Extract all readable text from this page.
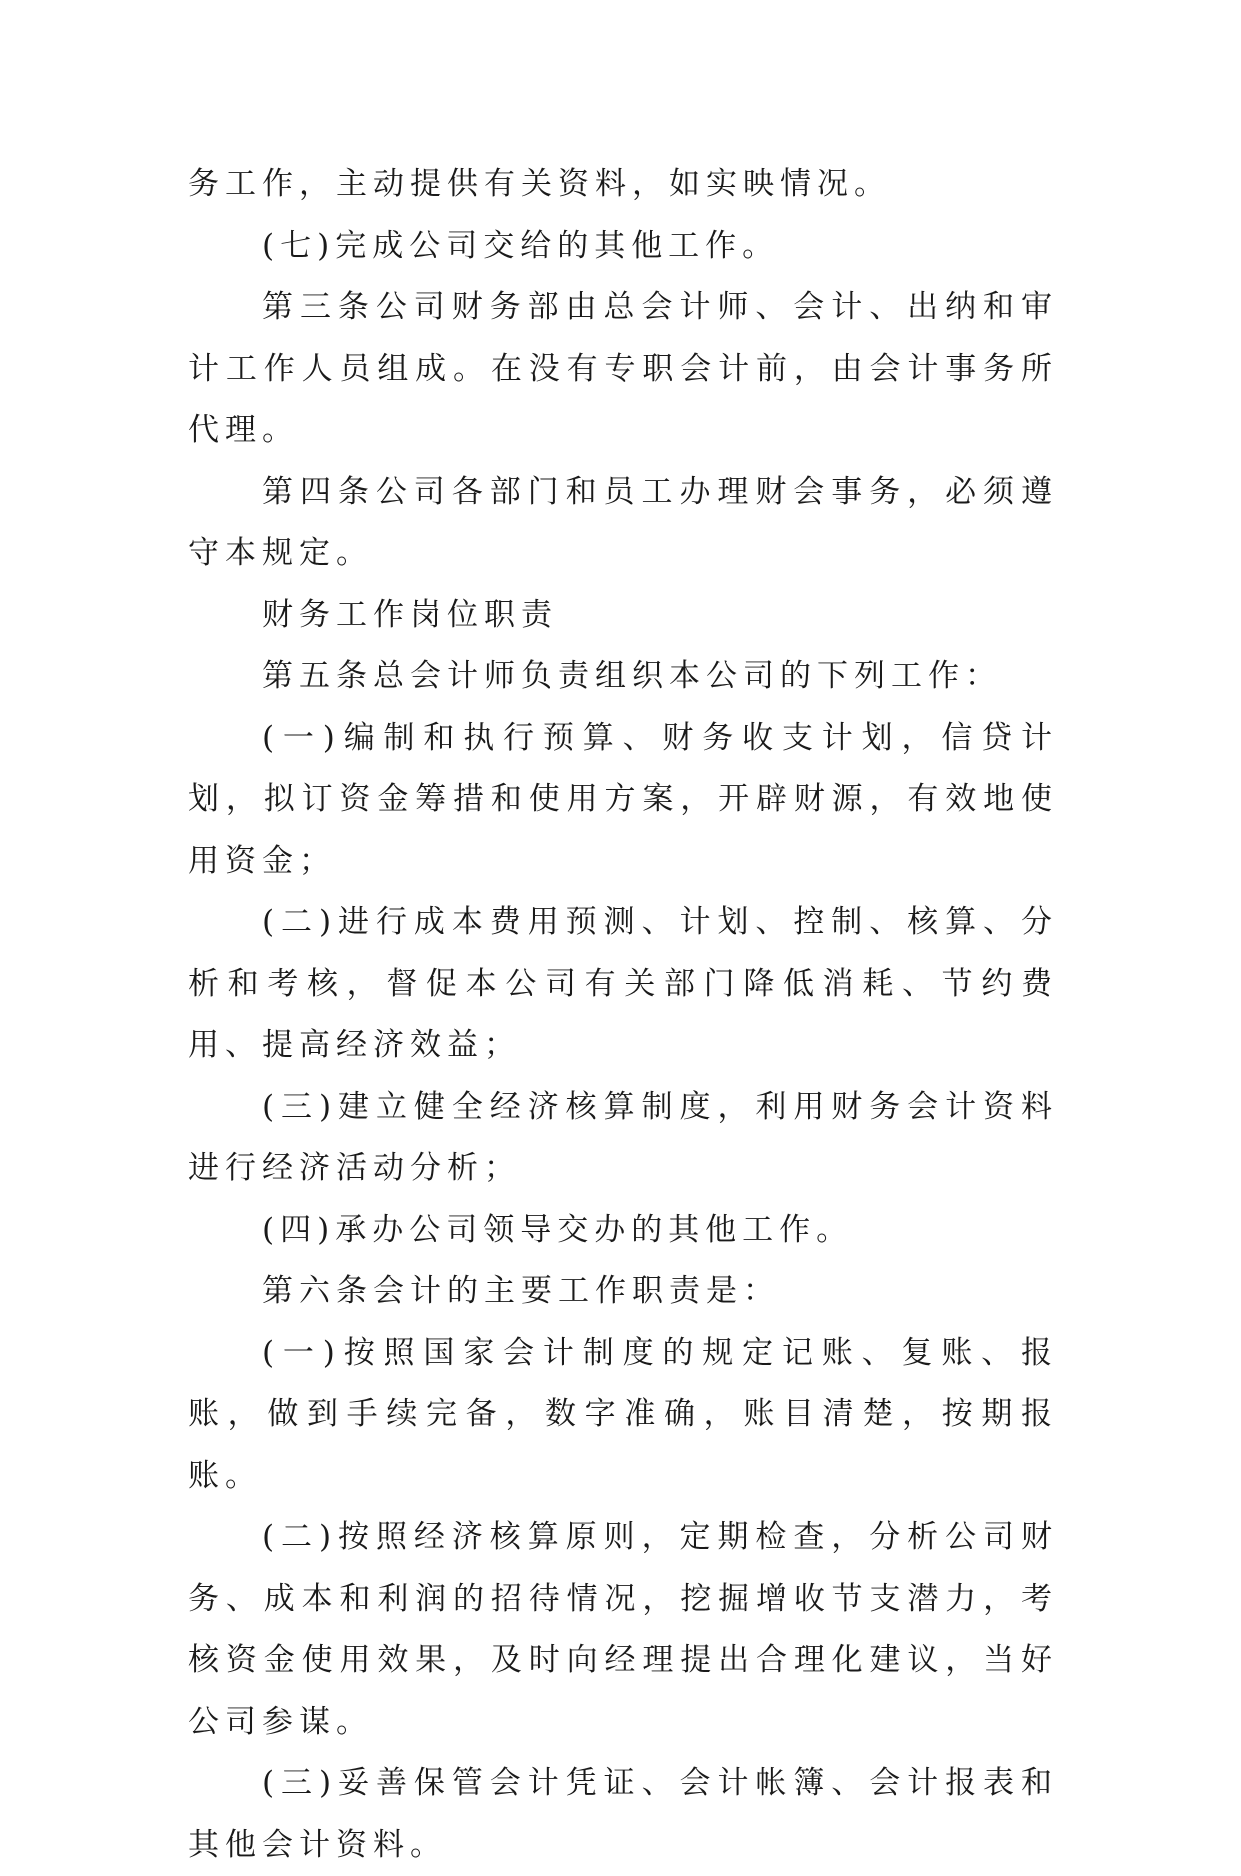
务工作，主动提供有关资料，如实映情况。

(七)完成公司交给的其他工作。

第三条公司财务部由总会计师、会计、出纳和审计工作人员组成。在没有专职会计前，由会计事务所代理。

第四条公司各部门和员工办理财会事务，必须遵守本规定。

财务工作岗位职责

第五条总会计师负责组织本公司的下列工作：

(一)编制和执行预算、财务收支计划，信贷计划，拟订资金筹措和使用方案，开辟财源，有效地使用资金；

(二)进行成本费用预测、计划、控制、核算、分析和考核，督促本公司有关部门降低消耗、节约费用、提高经济效益；

(三)建立健全经济核算制度，利用财务会计资料进行经济活动分析；

(四)承办公司领导交办的其他工作。

第六条会计的主要工作职责是：

(一)按照国家会计制度的规定记账、复账、报账，做到手续完备，数字准确，账目清楚，按期报账。

(二)按照经济核算原则，定期检查，分析公司财务、成本和利润的招待情况，挖掘增收节支潜力，考核资金使用效果，及时向经理提出合理化建议，当好公司参谋。

(三)妥善保管会计凭证、会计帐簿、会计报表和其他会计资料。
